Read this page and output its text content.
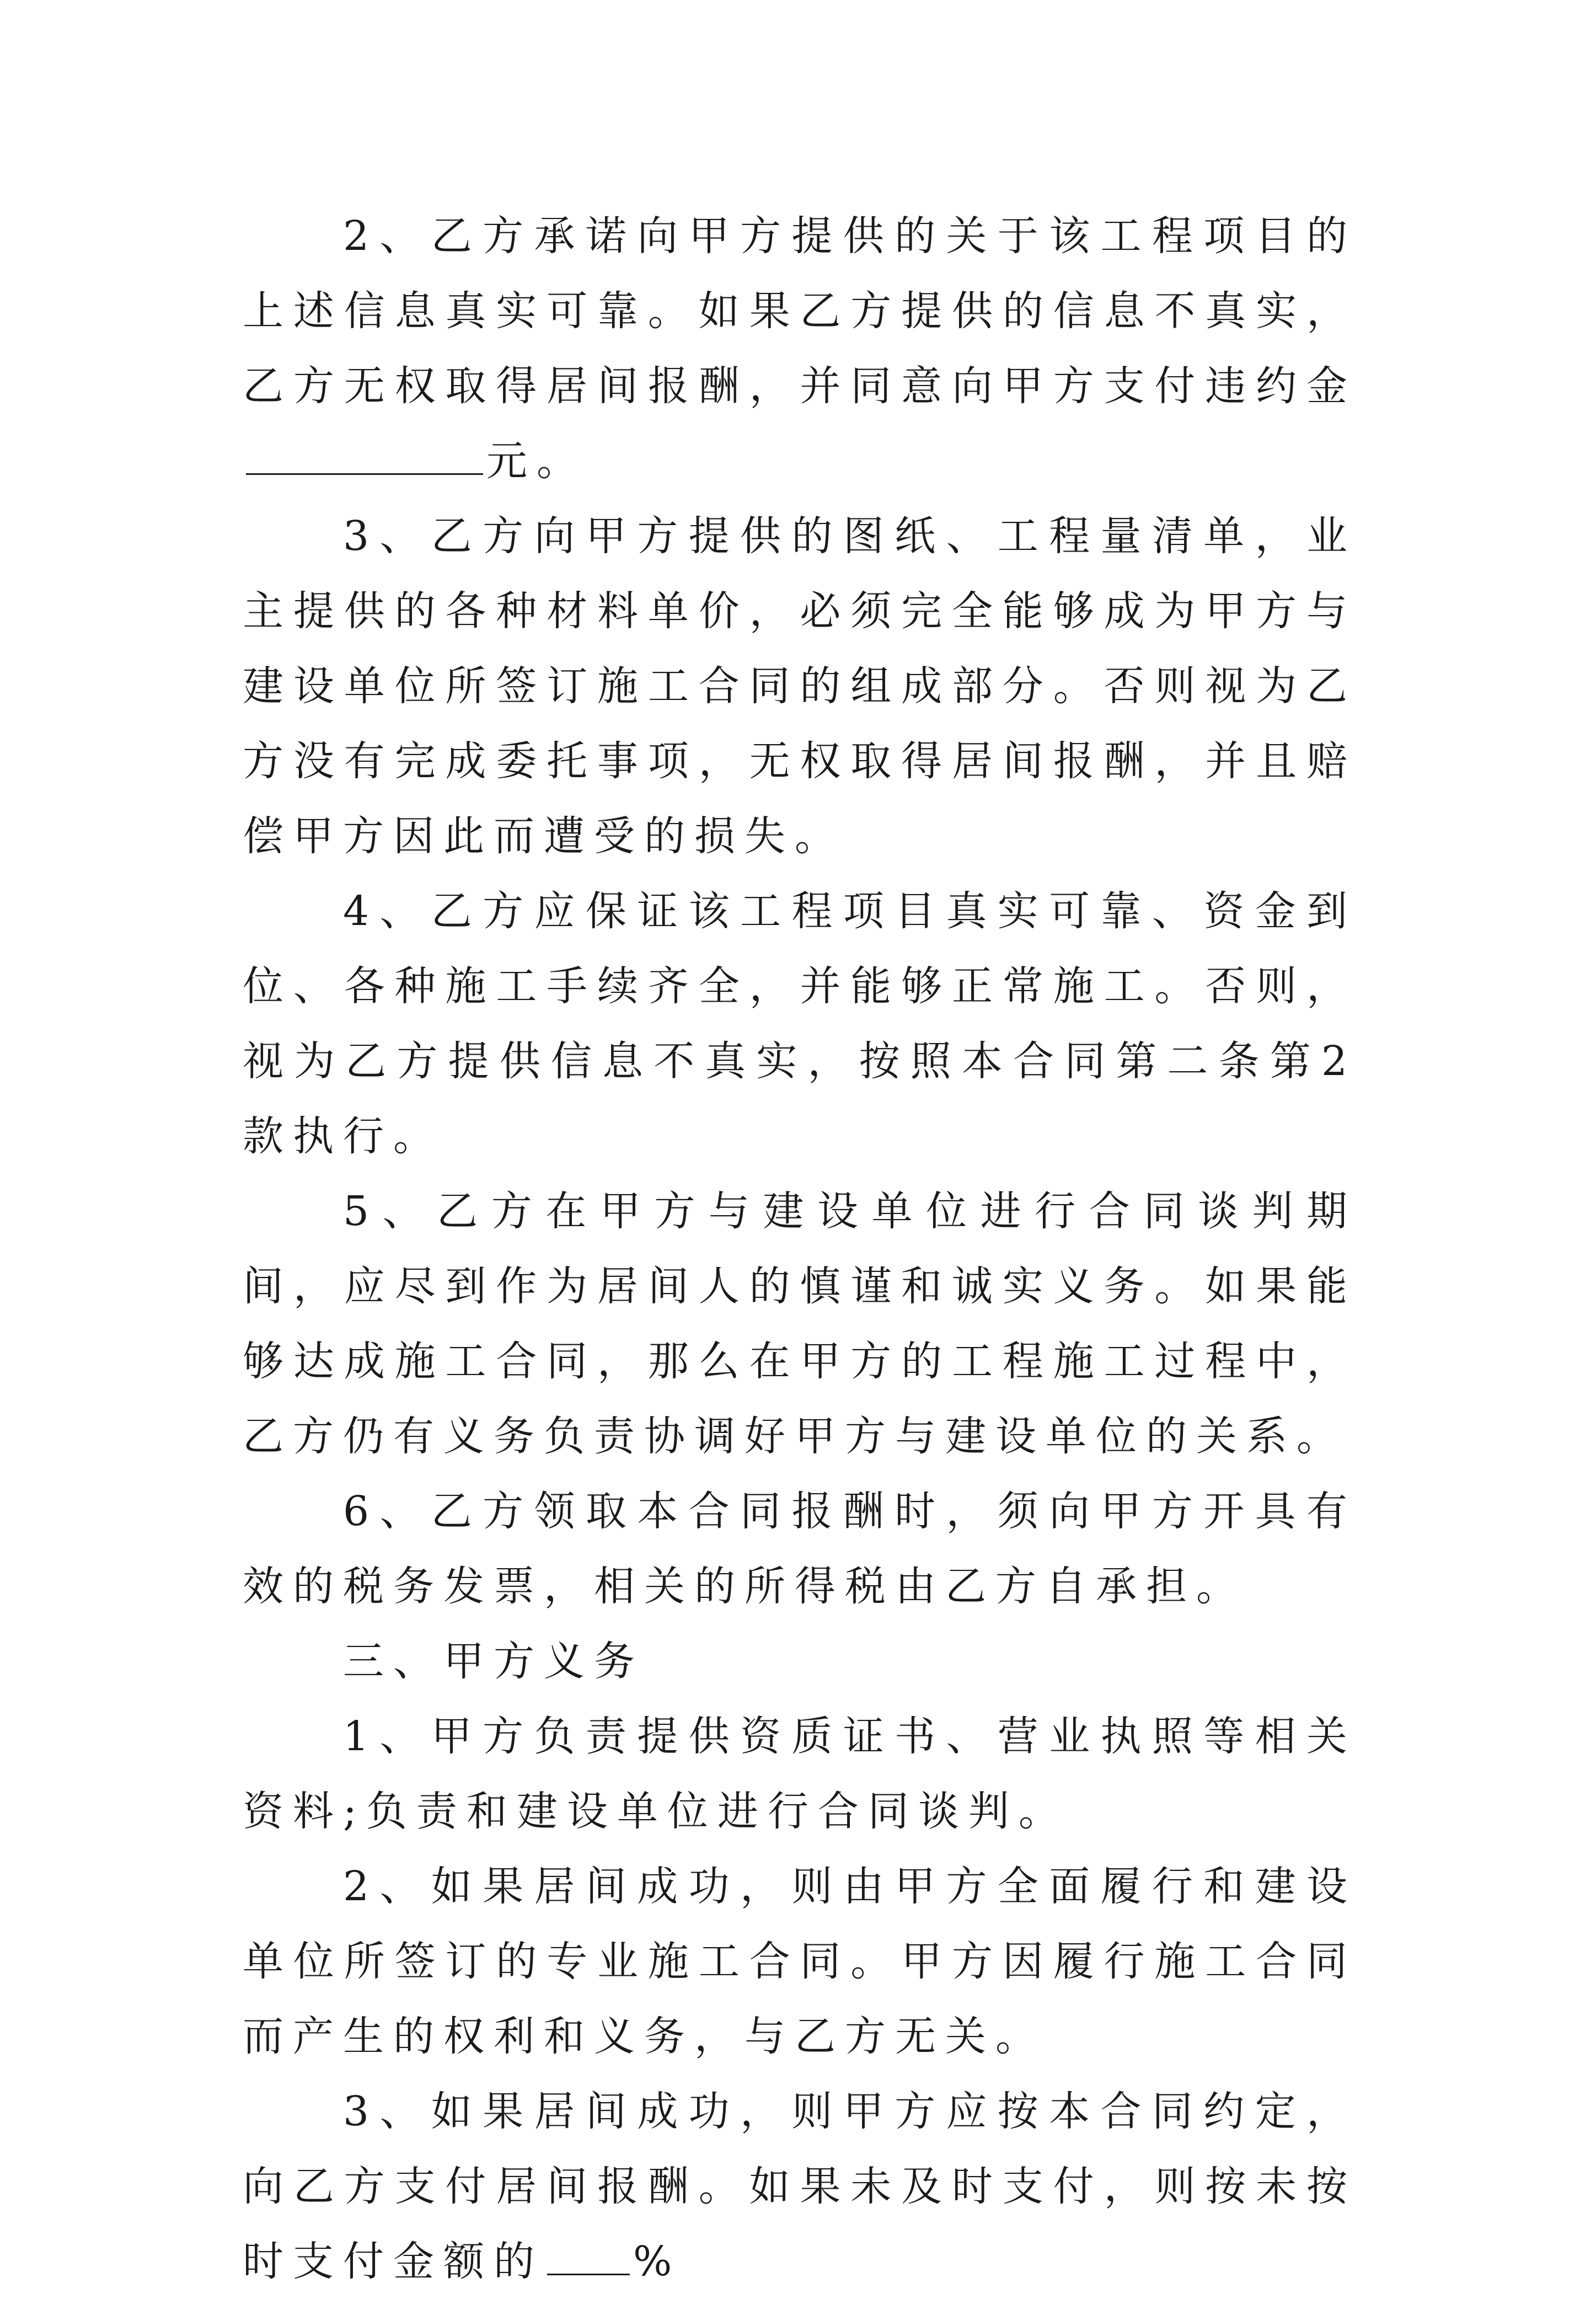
2、乙方承诺向甲方提供的关于该工程项目的上述信息真实可靠。如果乙方提供的信息不真实，乙方无权取得居间报酬，并同意向甲方支付违约金元。

3、乙方向甲方提供的图纸、工程量清单，业主提供的各种材料单价，必须完全能够成为甲方与建设单位所签订施工合同的组成部分。否则视为乙方没有完成委托事项，无权取得居间报酬，并且赔偿甲方因此而遭受的损失。

4、乙方应保证该工程项目真实可靠、资金到位、各种施工手续齐全，并能够正常施工。否则，视为乙方提供信息不真实，按照本合同第二条第2款执行。

5、乙方在甲方与建设单位进行合同谈判期间，应尽到作为居间人的慎谨和诚实义务。如果能够达成施工合同，那么在甲方的工程施工过程中，乙方仍有义务负责协调好甲方与建设单位的关系。

6、乙方领取本合同报酬时，须向甲方开具有效的税务发票，相关的所得税由乙方自承担。

三、甲方义务

1、甲方负责提供资质证书、营业执照等相关资料;负责和建设单位进行合同谈判。

2、如果居间成功，则由甲方全面履行和建设单位所签订的专业施工合同。甲方因履行施工合同而产生的权利和义务，与乙方无关。

3、如果居间成功，则甲方应按本合同约定，向乙方支付居间报酬。如果未及时支付，则按未按时支付金额的 %
